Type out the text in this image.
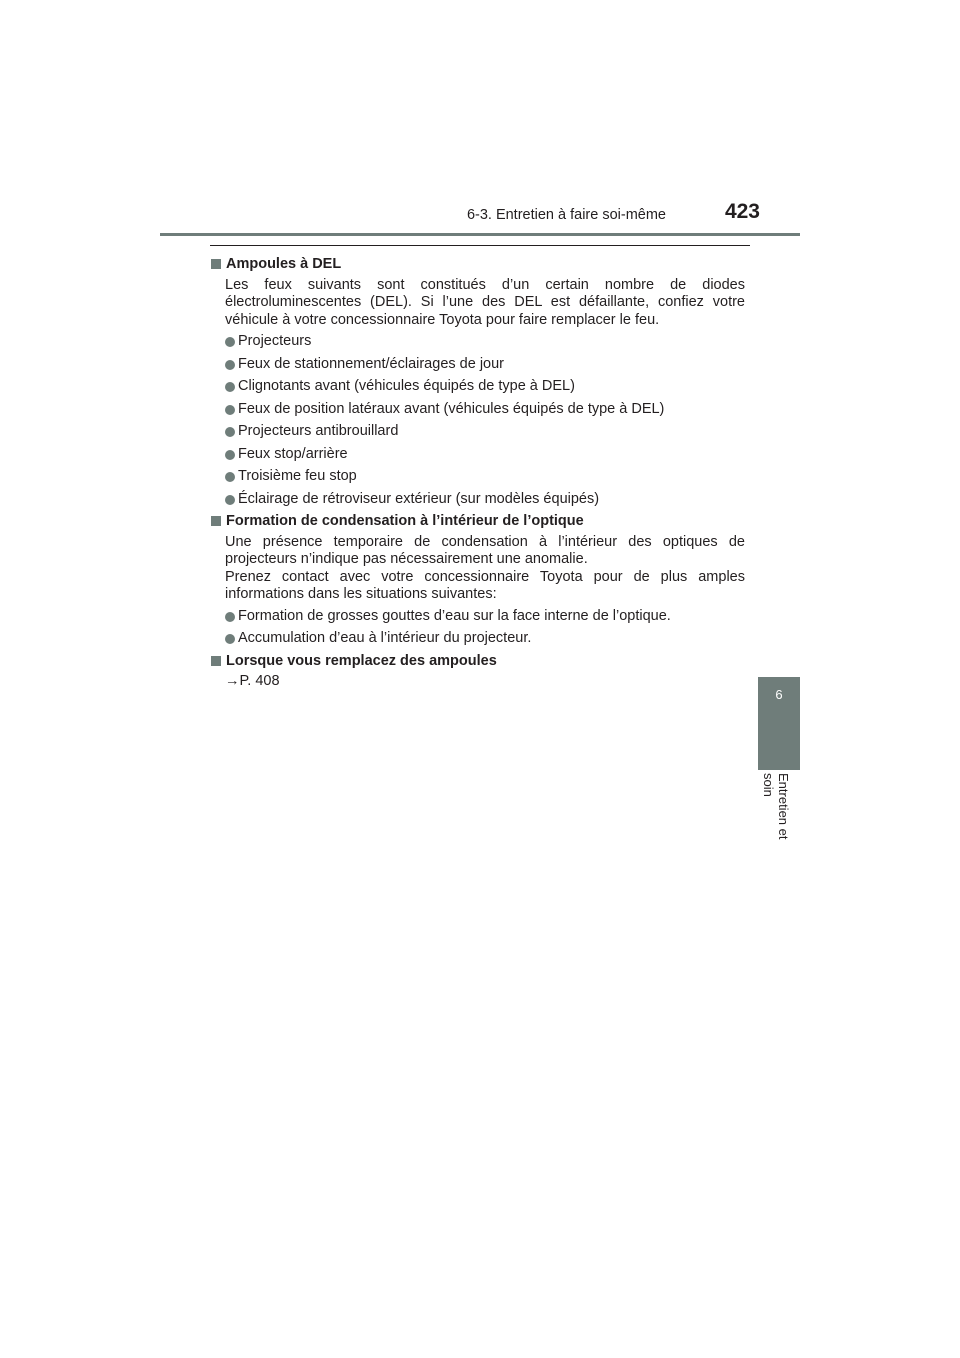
6-3. Entretien à faire soi-même	423
6
Entretien et soin
Ampoules à DEL

Les feux suivants sont constitués d’un certain nombre de diodes électroluminescentes (DEL). Si l’une des DEL est défaillante, confiez votre véhicule à votre concessionnaire Toyota pour faire remplacer le feu.

Projecteurs
Feux de stationnement/éclairages de jour
Clignotants avant (véhicules équipés de type à DEL)
Feux de position latéraux avant (véhicules équipés de type à DEL)
Projecteurs antibrouillard
Feux stop/arrière
Troisième feu stop
Éclairage de rétroviseur extérieur (sur modèles équipés)
Formation de condensation à l’intérieur de l’optique

Une présence temporaire de condensation à l’intérieur des optiques de projecteurs n’indique pas nécessairement une anomalie.

Prenez contact avec votre concessionnaire Toyota pour de plus amples informations dans les situations suivantes:

Formation de grosses gouttes d’eau sur la face interne de l’optique.
Accumulation d’eau à l’intérieur du projecteur.
Lorsque vous remplacez des ampoules
→P. 408
